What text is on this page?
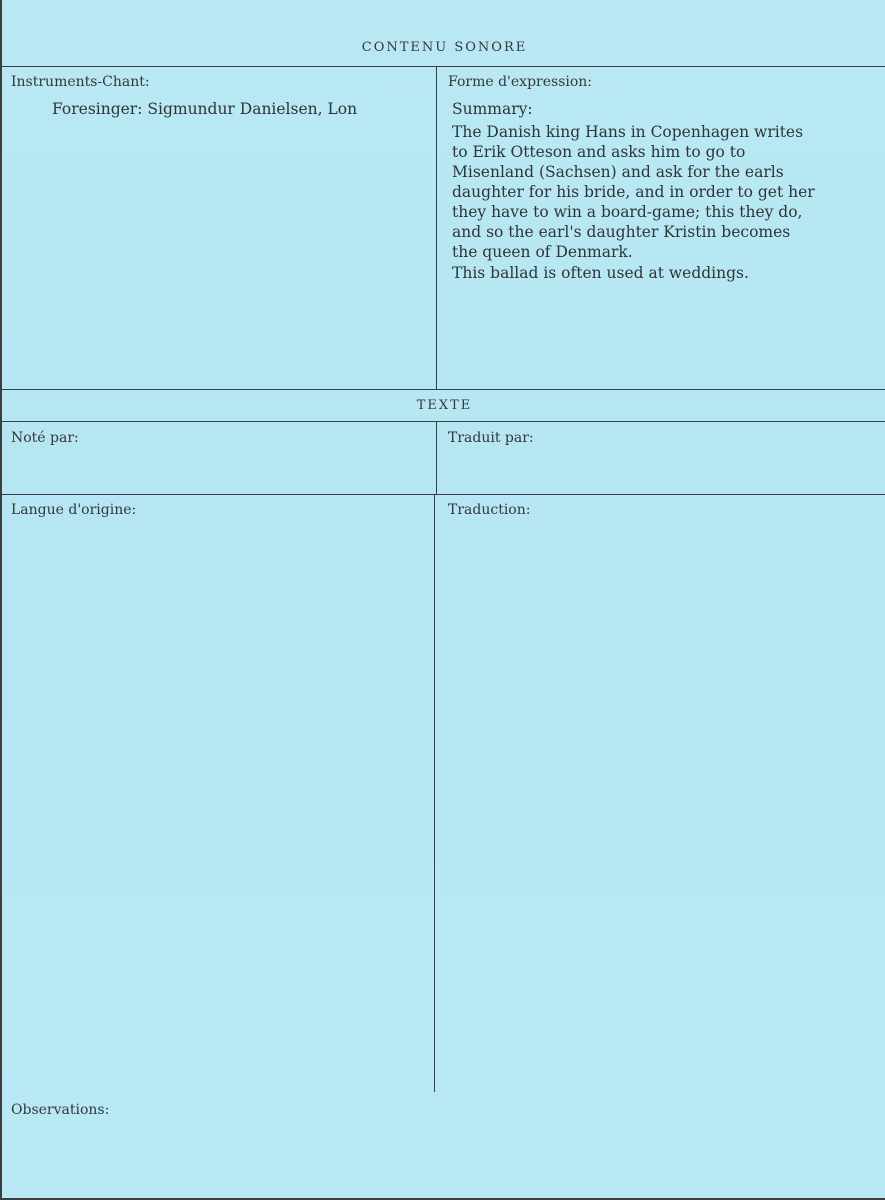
CONTENU SONORE
Instruments-Chant:
Foresinger: Sigmundur Danielsen, Lon
Forme d'expression:
Summary:
The Danish king Hans in Copenhagen writes
to Erik Otteson and asks him to go to
Misenland (Sachsen) and ask for the earls
daughter for his bride, and in order to get her
they have to win a board-game; this they do,
and so the earl's daughter Kristin becomes
the queen of Denmark.
This ballad is often used at weddings.
TEXTE
Noté par:	Traduit par:
Langue d'origine:	Traduction:
Observations:
